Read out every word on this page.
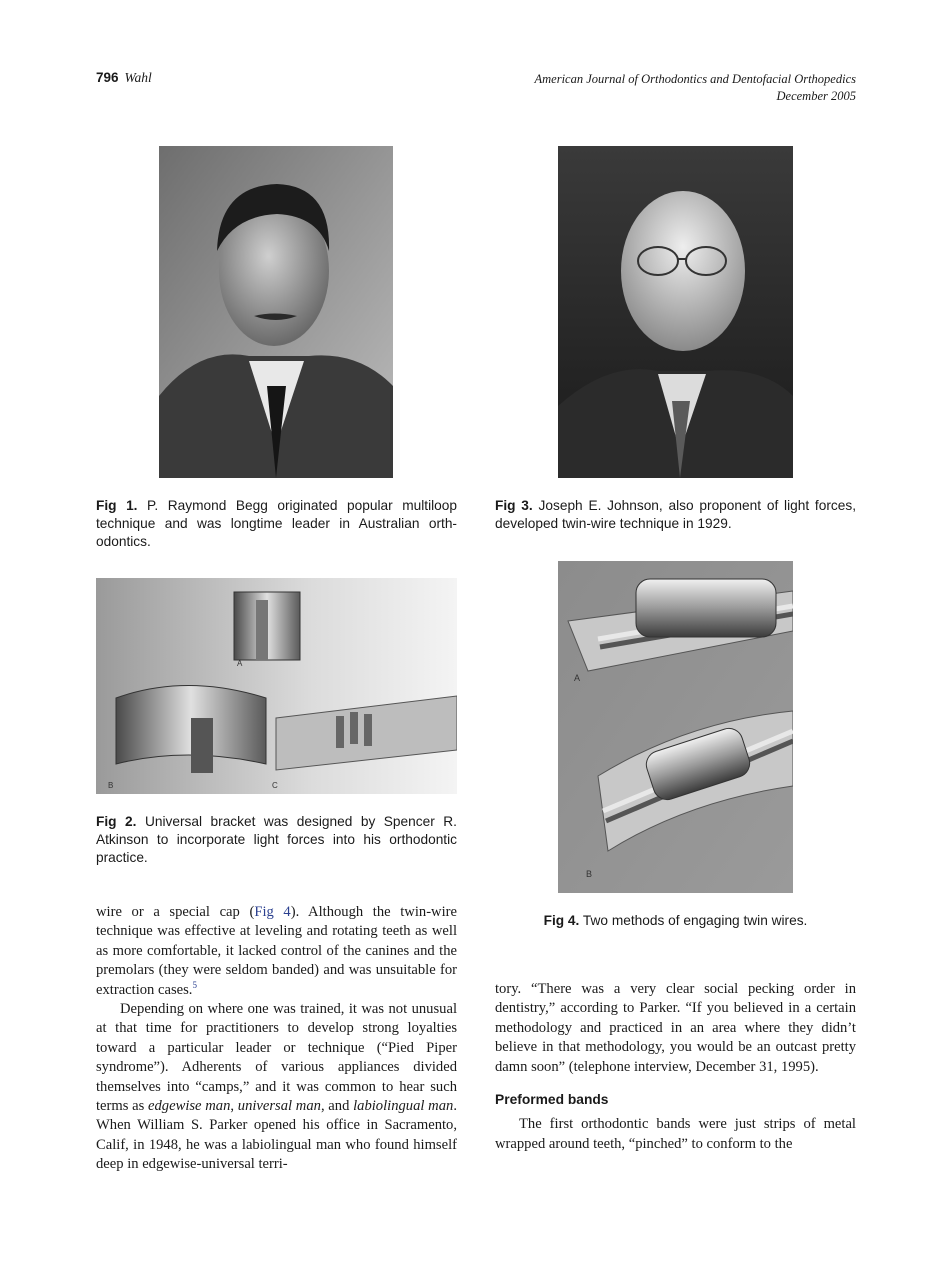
796 Wahl	American Journal of Orthodontics and Dentofacial Orthopedics
December 2005
Fig 1. P. Raymond Begg originated popular multiloop technique and was longtime leader in Australian orth-odontics.
Fig 3. Joseph E. Johnson, also proponent of light forces, developed twin-wire technique in 1929.
A
B	C
A
B
Fig 2. Universal bracket was designed by Spencer R. Atkinson to incorporate light forces into his orthodontic practice.
Fig 4. Two methods of engaging twin wires.

wire or a special cap (Fig 4). Although the twin-wire technique was effective at leveling and rotating teeth as well as more comfortable, it lacked control of the canines and the premolars (they were seldom banded) and was unsuitable for extraction cases.$^5$

Depending on where one was trained, it was not unusual at that time for practitioners to develop strong loyalties toward a particular leader or technique (“Pied Piper syndrome”). Adherents of various appliances divided themselves into “camps,” and it was common to hear such terms as edgewise man, universal man, and labiolingual man. When William S. Parker opened his office in Sacramento, Calif, in 1948, he was a labiolingual man who found himself deep in edgewise-universal terri-

tory. “There was a very clear social pecking order in dentistry,” according to Parker. “If you believed in a certain methodology and practiced in an area where they didn’t believe in that methodology, you would be an outcast pretty damn soon” (telephone interview, December 31, 1995).

Preformed bands

The first orthodontic bands were just strips of metal wrapped around teeth, “pinched” to conform to the
